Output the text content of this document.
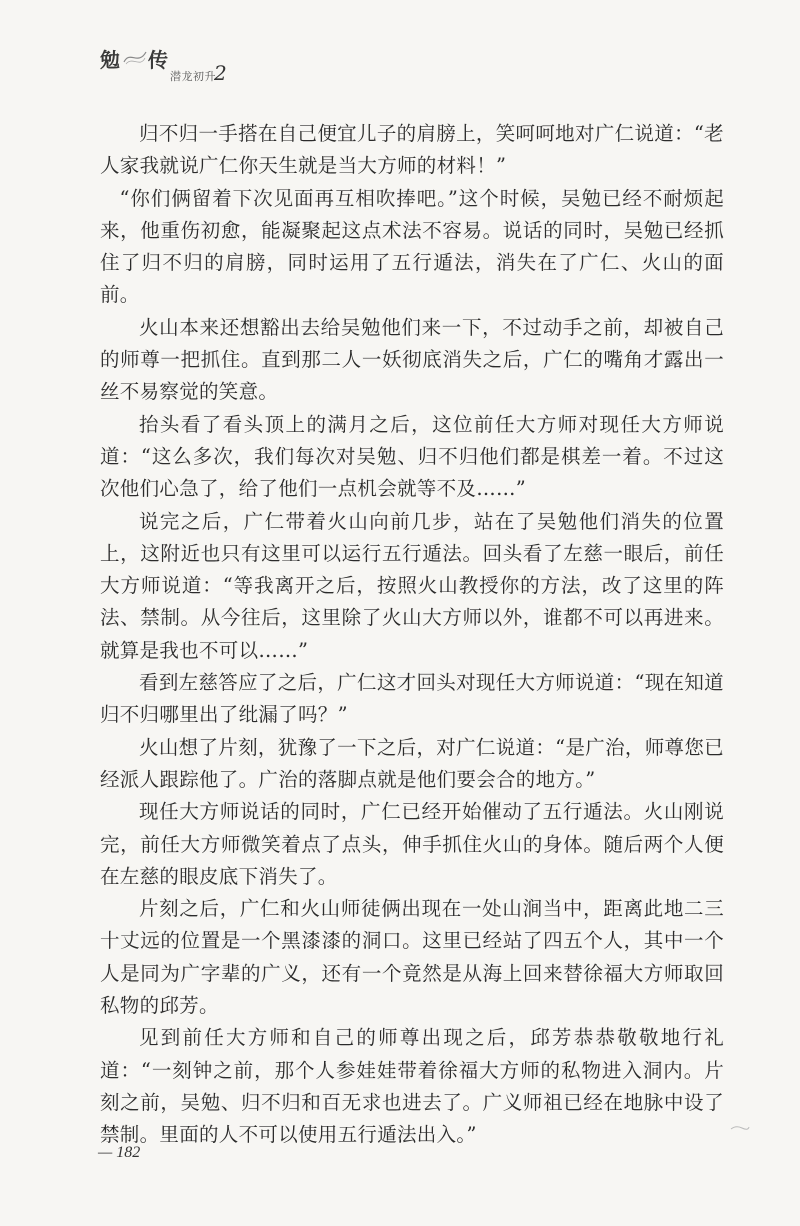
勉 传
潜龙初升
2

归不归一手搭在自己便宜儿子的肩膀上，笑呵呵地对广仁说道：“老人家我就说广仁你天生就是当大方师的材料！”

“你们俩留着下次见面再互相吹捧吧。”这个时候，吴勉已经不耐烦起来，他重伤初愈，能凝聚起这点术法不容易。说话的同时，吴勉已经抓住了归不归的肩膀，同时运用了五行遁法，消失在了广仁、火山的面前。

火山本来还想豁出去给吴勉他们来一下，不过动手之前，却被自己的师尊一把抓住。直到那二人一妖彻底消失之后，广仁的嘴角才露出一丝不易察觉的笑意。

抬头看了看头顶上的满月之后，这位前任大方师对现任大方师说道：“这么多次，我们每次对吴勉、归不归他们都是棋差一着。不过这次他们心急了，给了他们一点机会就等不及……”

说完之后，广仁带着火山向前几步，站在了吴勉他们消失的位置上，这附近也只有这里可以运行五行遁法。回头看了左慈一眼后，前任大方师说道：“等我离开之后，按照火山教授你的方法，改了这里的阵法、禁制。从今往后，这里除了火山大方师以外，谁都不可以再进来。就算是我也不可以……”

看到左慈答应了之后，广仁这才回头对现任大方师说道：“现在知道归不归哪里出了纰漏了吗？”

火山想了片刻，犹豫了一下之后，对广仁说道：“是广治，师尊您已经派人跟踪他了。广治的落脚点就是他们要会合的地方。”

现任大方师说话的同时，广仁已经开始催动了五行遁法。火山刚说完，前任大方师微笑着点了点头，伸手抓住火山的身体。随后两个人便在左慈的眼皮底下消失了。

片刻之后，广仁和火山师徒俩出现在一处山涧当中，距离此地二三十丈远的位置是一个黑漆漆的洞口。这里已经站了四五个人，其中一个人是同为广字辈的广义，还有一个竟然是从海上回来替徐福大方师取回私物的邱芳。

见到前任大方师和自己的师尊出现之后，邱芳恭恭敬敬地行礼道：“一刻钟之前，那个人参娃娃带着徐福大方师的私物进入洞内。片刻之前，吴勉、归不归和百无求也进去了。广义师祖已经在地脉中设了禁制。里面的人不可以使用五行遁法出入。”

— 182
